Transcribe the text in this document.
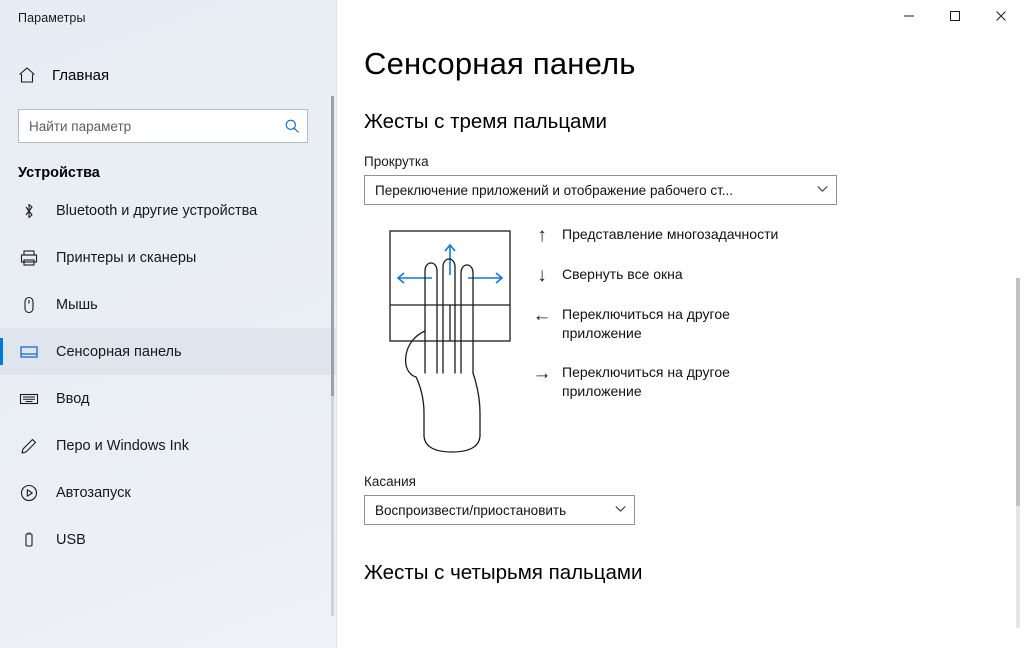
Параметры
Главная
Найти параметр
Устройства
Bluetooth и другие устройства
Принтеры и сканеры
Мышь
Сенсорная панель
Ввод
Перо и Windows Ink
Автозапуск
USB
Сенсорная панель
Жесты с тремя пальцами
Прокрутка
Переключение приложений и отображение рабочего ст...
↑	Представление многозадачности
↓	Свернуть все окна
← Переключиться на другое приложение
→ Переключиться на другое приложение
Касания
Воспроизвести/приостановить
Жесты с четырьмя пальцами
